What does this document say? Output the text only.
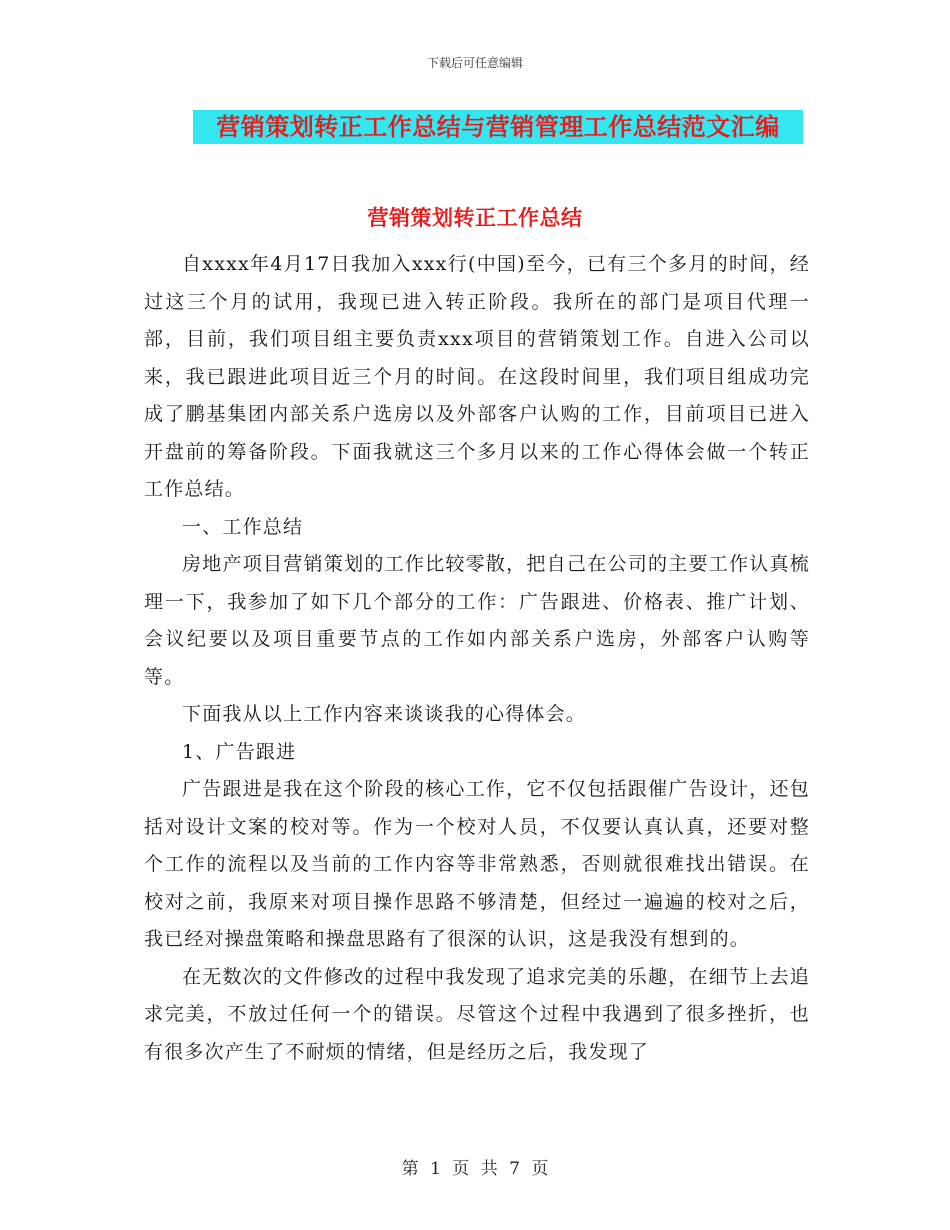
下载后可任意编辑
营销策划转正工作总结与营销管理工作总结范文汇编
营销策划转正工作总结

自xxxx年4月17日我加入xxx行(中国)至今，已有三个多月的时间，经过这三个月的试用，我现已进入转正阶段。我所在的部门是项目代理一部，目前，我们项目组主要负责xxx项目的营销策划工作。自进入公司以来，我已跟进此项目近三个月的时间。在这段时间里，我们项目组成功完成了鹏基集团内部关系户选房以及外部客户认购的工作，目前项目已进入开盘前的筹备阶段。下面我就这三个多月以来的工作心得体会做一个转正工作总结。

一、工作总结

房地产项目营销策划的工作比较零散，把自己在公司的主要工作认真梳理一下，我参加了如下几个部分的工作：广告跟进、价格表、推广计划、会议纪要以及项目重要节点的工作如内部关系户选房，外部客户认购等等。

下面我从以上工作内容来谈谈我的心得体会。

1、广告跟进

广告跟进是我在这个阶段的核心工作，它不仅包括跟催广告设计，还包括对设计文案的校对等。作为一个校对人员，不仅要认真认真，还要对整个工作的流程以及当前的工作内容等非常熟悉，否则就很难找出错误。在校对之前，我原来对项目操作思路不够清楚，但经过一遍遍的校对之后，我已经对操盘策略和操盘思路有了很深的认识，这是我没有想到的。

在无数次的文件修改的过程中我发现了追求完美的乐趣，在细节上去追求完美，不放过任何一个的错误。尽管这个过程中我遇到了很多挫折，也有很多次产生了不耐烦的情绪，但是经历之后，我发现了

第 1 页 共 7 页
